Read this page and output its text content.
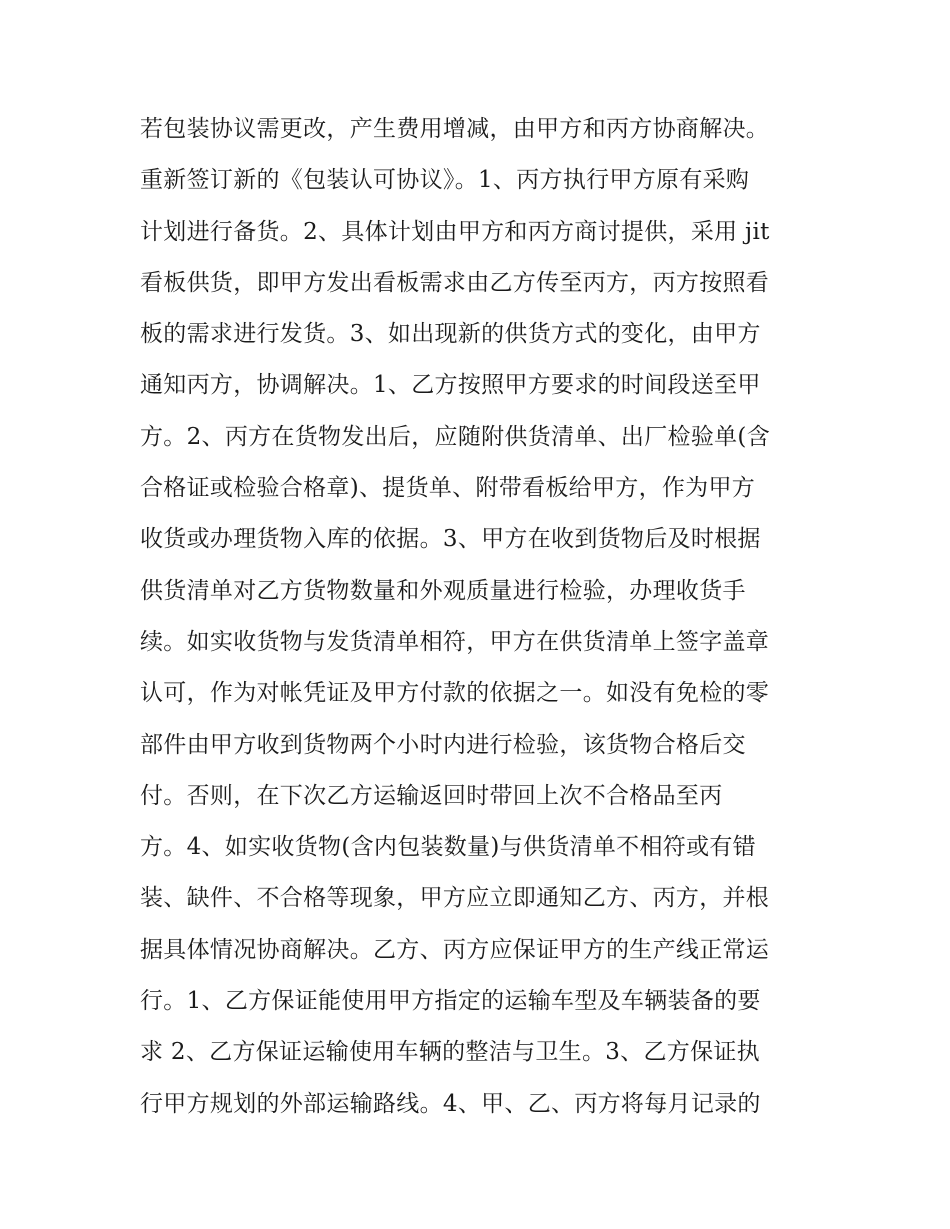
若包装协议需更改，产生费用增减，由甲方和丙方协商解决。
重新签订新的《包装认可协议》。1、丙方执行甲方原有采购
计划进行备货。2、具体计划由甲方和丙方商讨提供，采用 jit
看板供货，即甲方发出看板需求由乙方传至丙方，丙方按照看
板的需求进行发货。3、如出现新的供货方式的变化，由甲方
通知丙方，协调解决。1、乙方按照甲方要求的时间段送至甲
方。2、丙方在货物发出后，应随附供货清单、出厂检验单(含
合格证或检验合格章)、提货单、附带看板给甲方，作为甲方
收货或办理货物入库的依据。3、甲方在收到货物后及时根据
供货清单对乙方货物数量和外观质量进行检验，办理收货手
续。如实收货物与发货清单相符，甲方在供货清单上签字盖章
认可，作为对帐凭证及甲方付款的依据之一。如没有免检的零
部件由甲方收到货物两个小时内进行检验，该货物合格后交
付。否则，在下次乙方运输返回时带回上次不合格品至丙
方。4、如实收货物(含内包装数量)与供货清单不相符或有错
装、缺件、不合格等现象，甲方应立即通知乙方、丙方，并根
据具体情况协商解决。乙方、丙方应保证甲方的生产线正常运
行。1、乙方保证能使用甲方指定的运输车型及车辆装备的要
求 2、乙方保证运输使用车辆的整洁与卫生。3、乙方保证执
行甲方规划的外部运输路线。4、甲、乙、丙方将每月记录的
